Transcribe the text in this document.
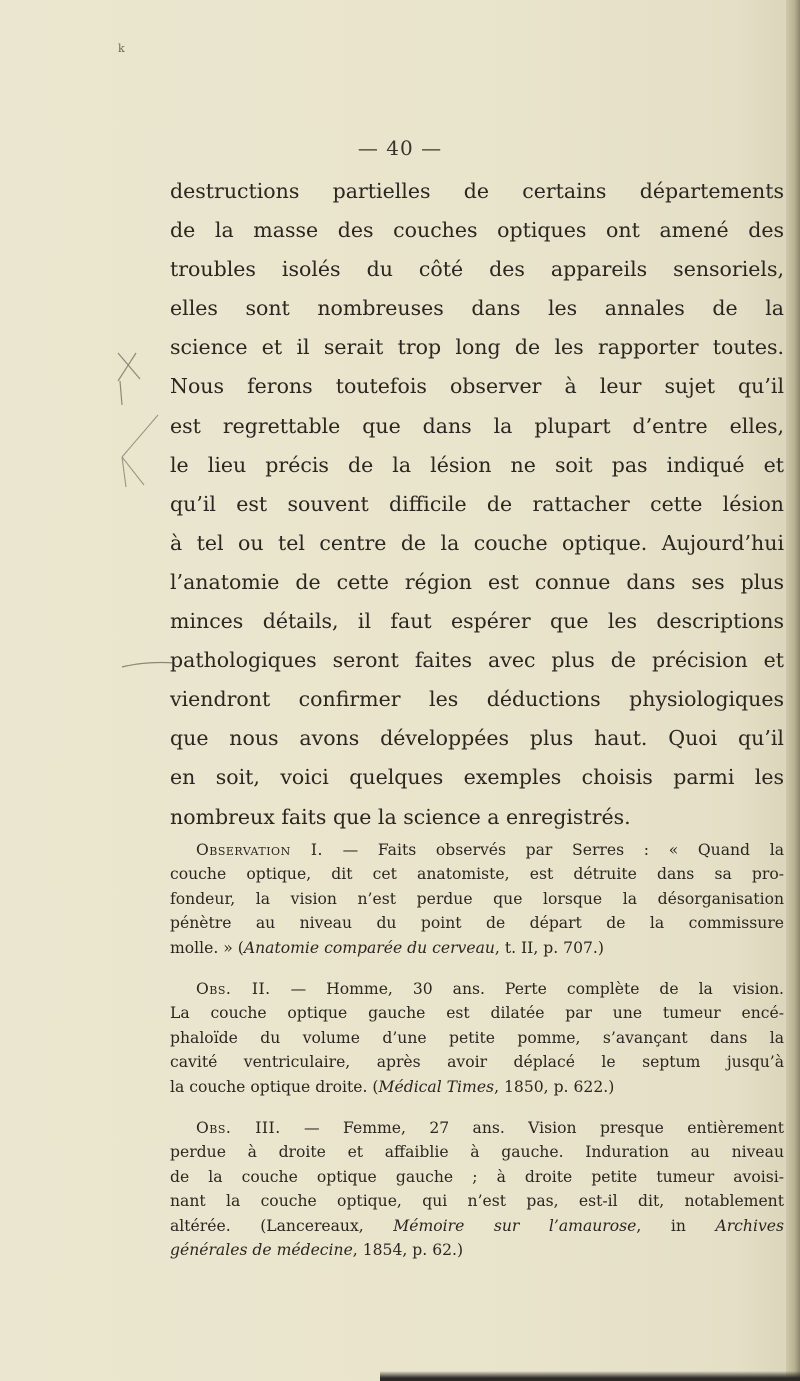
k
— 40 —
destructions partielles de certains départements
de la masse des couches optiques ont amené des
troubles isolés du côté des appareils sensoriels,
elles sont nombreuses dans les annales de la
science et il serait trop long de les rapporter toutes.
Nous ferons toutefois observer à leur sujet qu’il
est regrettable que dans la plupart d’entre elles,
le lieu précis de la lésion ne soit pas indiqué et
qu’il est souvent difficile de rattacher cette lésion
à tel ou tel centre de la couche optique. Aujourd’hui
l’anatomie de cette région est connue dans ses plus
minces détails, il faut espérer que les descriptions
pathologiques seront faites avec plus de précision et
viendront confirmer les déductions physiologiques
que nous avons développées plus haut. Quoi qu’il
en soit, voici quelques exemples choisis parmi les
nombreux faits que la science a enregistrés.
Observation I. — Faits observés par Serres : « Quand la
couche optique, dit cet anatomiste, est détruite dans sa pro-
fondeur, la vision n’est perdue que lorsque la désorganisation
pénètre au niveau du point de départ de la commissure
molle. » (Anatomie comparée du cerveau, t. II, p. 707.)
Obs. II. — Homme, 30 ans. Perte complète de la vision.
La couche optique gauche est dilatée par une tumeur encé-
phaloïde du volume d’une petite pomme, s’avançant dans la
cavité ventriculaire, après avoir déplacé le septum jusqu’à
la couche optique droite. (Médical Times, 1850, p. 622.)
Obs. III. — Femme, 27 ans. Vision presque entièrement
perdue à droite et affaiblie à gauche. Induration au niveau
de la couche optique gauche ; à droite petite tumeur avoisi-
nant la couche optique, qui n’est pas, est-il dit, notablement
altérée. (Lancereaux, Mémoire sur l’amaurose, in Archives
générales de médecine, 1854, p. 62.)
